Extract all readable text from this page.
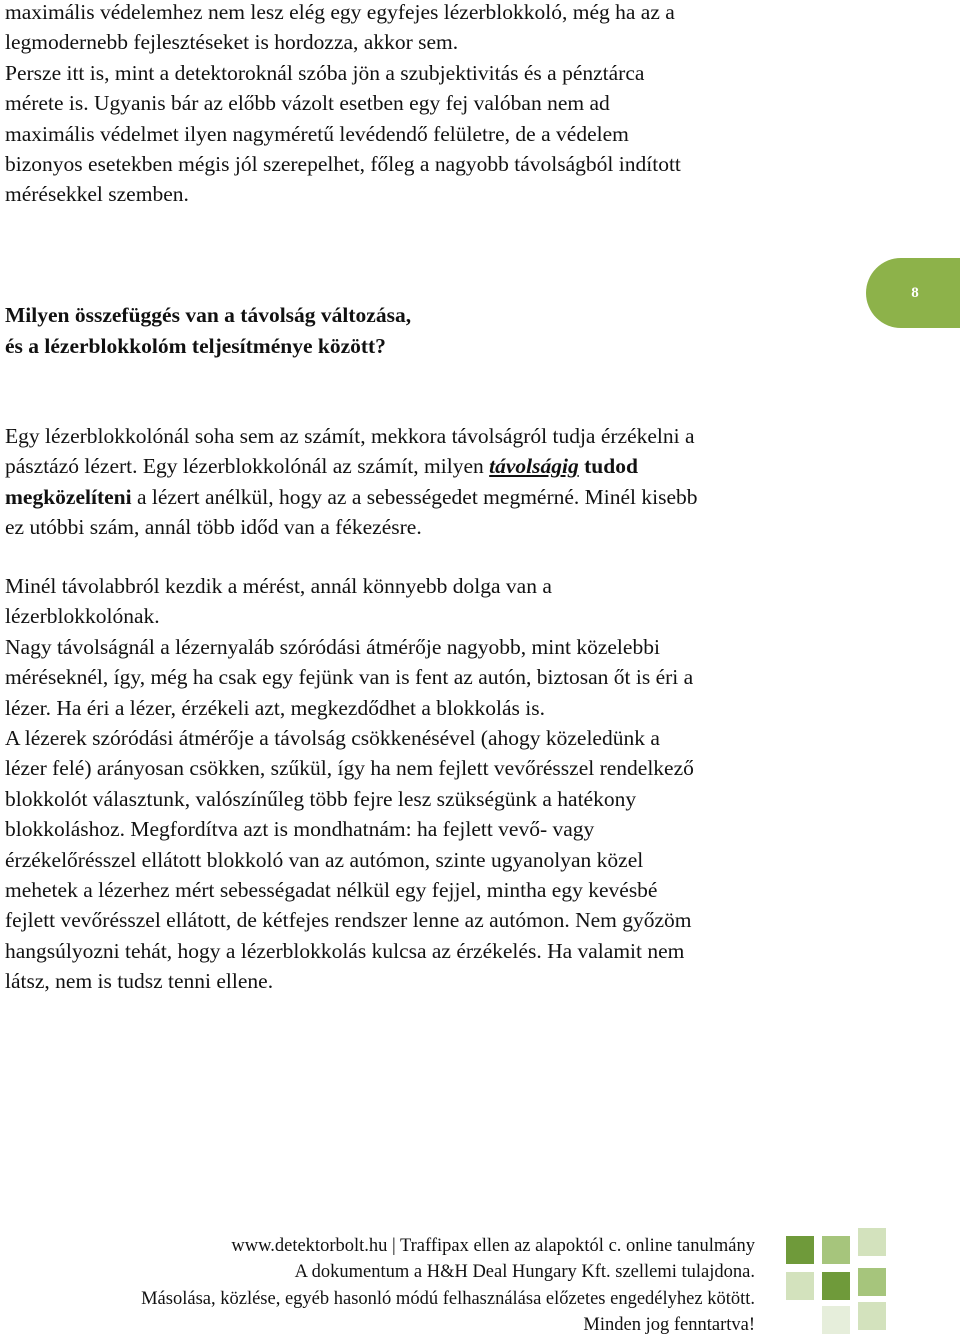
maximális védelemhez nem lesz elég egy egyfejes lézerblokkoló, még ha az a
legmodernebb fejlesztéseket is hordozza, akkor sem.
Persze itt is, mint a detektoroknál szóba jön a szubjektivitás és a pénztárca
mérete is. Ugyanis bár az előbb vázolt esetben egy fej valóban nem ad
maximális védelmet ilyen nagyméretű levédendő felületre, de a védelem
bizonyos esetekben mégis jól szerepelhet, főleg a nagyobb távolságból indított
mérésekkel szemben.
Milyen összefüggés van a távolság változása,
és a lézerblokkolóm teljesítménye között?
8
Egy lézerblokkolónál soha sem az számít, mekkora távolságról tudja érzékelni a
pásztázó lézert. Egy lézerblokkolónál az számít, milyen távolságig tudod
megközelíteni a lézert anélkül, hogy az a sebességedet megmérné. Minél kisebb
ez utóbbi szám, annál több időd van a fékezésre.
Minél távolabbról kezdik a mérést, annál könnyebb dolga van a
lézerblokkolónak.
Nagy távolságnál a lézernyaláb szóródási átmérője nagyobb, mint közelebbi
méréseknél, így, még ha csak egy fejünk van is fent az autón, biztosan őt is éri a
lézer. Ha éri a lézer, érzékeli azt, megkezdődhet a blokkolás is.
A lézerek szóródási átmérője a távolság csökkenésével (ahogy közeledünk a
lézer felé) arányosan csökken, szűkül, így ha nem fejlett vevőrésszel rendelkező
blokkolót választunk, valószínűleg több fejre lesz szükségünk a hatékony
blokkoláshoz. Megfordítva azt is mondhatnám: ha fejlett vevő- vagy
érzékelőrésszel ellátott blokkoló van az autómon, szinte ugyanolyan közel
mehetek a lézerhez mért sebességadat nélkül egy fejjel, mintha egy kevésbé
fejlett vevőrésszel ellátott, de kétfejes rendszer lenne az autómon. Nem győzöm
hangsúlyozni tehát, hogy a lézerblokkolás kulcsa az érzékelés. Ha valamit nem
látsz, nem is tudsz tenni ellene.
www.detektorbolt.hu | Traffipax ellen az alapoktól c. online tanulmány
A dokumentum a H&H Deal Hungary Kft. szellemi tulajdona.
Másolása, közlése, egyéb hasonló módú felhasználása előzetes engedélyhez kötött.
Minden jog fenntartva!
